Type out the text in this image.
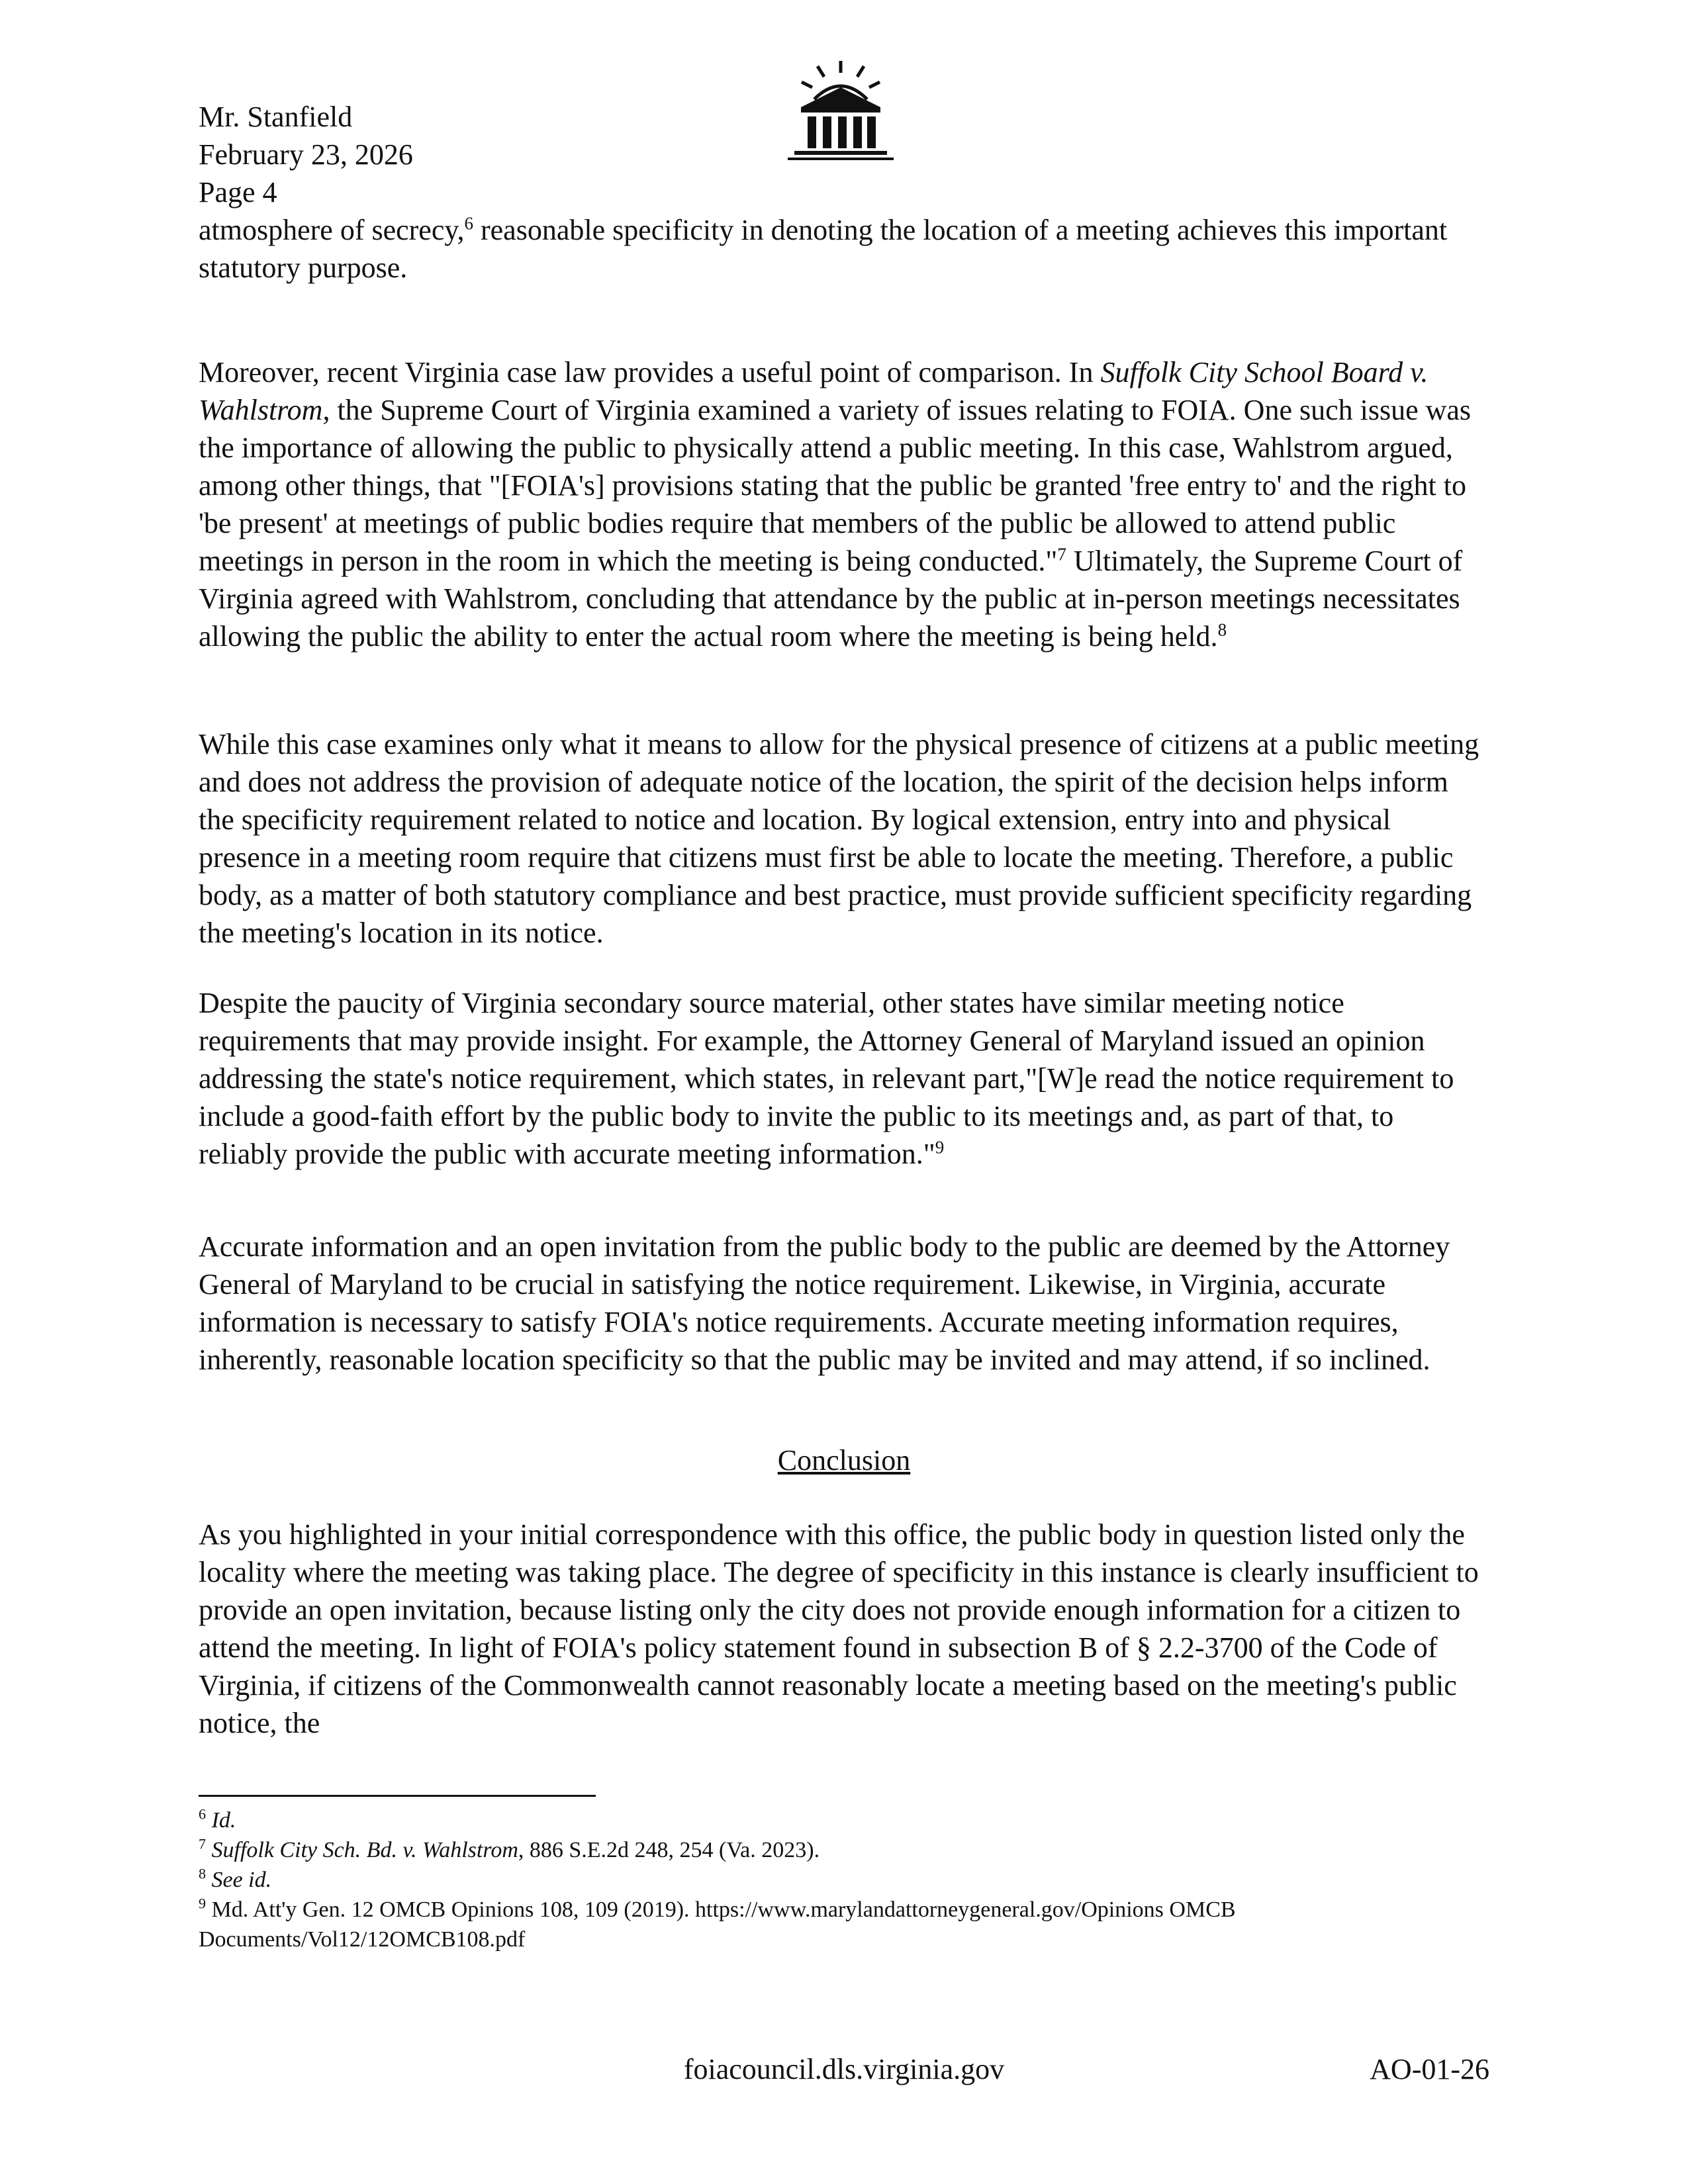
Mr. Stanfield

February 23, 2026

Page 4

atmosphere of secrecy,$^6$ reasonable specificity in denoting the location of a meeting achieves this important statutory purpose.

Moreover, recent Virginia case law provides a useful point of comparison. In Suffolk City School Board v. Wahlstrom, the Supreme Court of Virginia examined a variety of issues relating to FOIA. One such issue was the importance of allowing the public to physically attend a public meeting. In this case, Wahlstrom argued, among other things, that "[FOIA's] provisions stating that the public be granted 'free entry to' and the right to 'be present' at meetings of public bodies require that members of the public be allowed to attend public meetings in person in the room in which the meeting is being conducted."$^7$ Ultimately, the Supreme Court of Virginia agreed with Wahlstrom, concluding that attendance by the public at in-person meetings necessitates allowing the public the ability to enter the actual room where the meeting is being held.$^8$

While this case examines only what it means to allow for the physical presence of citizens at a public meeting and does not address the provision of adequate notice of the location, the spirit of the decision helps inform the specificity requirement related to notice and location. By logical extension, entry into and physical presence in a meeting room require that citizens must first be able to locate the meeting. Therefore, a public body, as a matter of both statutory compliance and best practice, must provide sufficient specificity regarding the meeting's location in its notice.

Despite the paucity of Virginia secondary source material, other states have similar meeting notice requirements that may provide insight. For example, the Attorney General of Maryland issued an opinion addressing the state's notice requirement, which states, in relevant part,"[W]e read the notice requirement to include a good-faith effort by the public body to invite the public to its meetings and, as part of that, to reliably provide the public with accurate meeting information."$^9$

Accurate information and an open invitation from the public body to the public are deemed by the Attorney General of Maryland to be crucial in satisfying the notice requirement. Likewise, in Virginia, accurate information is necessary to satisfy FOIA's notice requirements. Accurate meeting information requires, inherently, reasonable location specificity so that the public may be invited and may attend, if so inclined.

Conclusion

As you highlighted in your initial correspondence with this office, the public body in question listed only the locality where the meeting was taking place. The degree of specificity in this instance is clearly insufficient to provide an open invitation, because listing only the city does not provide enough information for a citizen to attend the meeting. In light of FOIA's policy statement found in subsection B of § 2.2-3700 of the Code of Virginia, if citizens of the Commonwealth cannot reasonably locate a meeting based on the meeting's public notice, the

$^6$ Id.

$^7$ Suffolk City Sch. Bd. v. Wahlstrom, 886 S.E.2d 248, 254 (Va. 2023).

$^8$ See id.

$^9$ Md. Att'y Gen. 12 OMCB Opinions 108, 109 (2019). https://www.marylandattorneygeneral.gov/Opinions OMCB Documents/Vol12/12OMCB108.pdf

foiacouncil.dls.virginia.gov	AO-01-26
